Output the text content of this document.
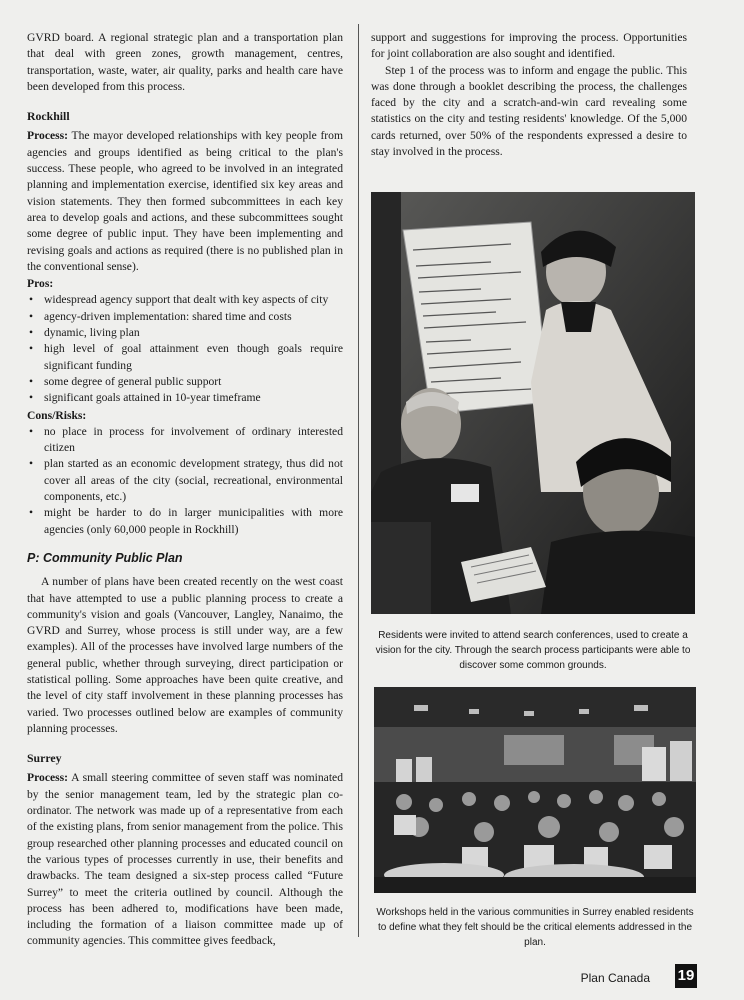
GVRD board. A regional strategic plan and a transportation plan that deal with green zones, growth management, centres, transportation, waste, water, air quality, parks and health care have been developed from this process.

Rockhill

Process: The mayor developed relationships with key people from agencies and groups identified as being critical to the plan's success. These people, who agreed to be involved in an integrated planning and implementation exercise, identified six key areas and vision statements. They then formed subcommittees in each key area to develop goals and actions, and these subcommittees sought some degree of public input. They have been implementing and revising goals and actions as required (there is no published plan in the conventional sense).

Pros:
• widespread agency support that dealt with key aspects of city
• agency-driven implementation: shared time and costs
• dynamic, living plan
• high level of goal attainment even though goals require significant funding
• some degree of general public support
• significant goals attained in 10-year timeframe
Cons/Risks:
• no place in process for involvement of ordinary interested citizen
• plan started as an economic development strategy, thus did not cover all areas of the city (social, recreational, environmental components, etc.)
• might be harder to do in larger municipalities with more agencies (only 60,000 people in Rockhill)
P: Community Public Plan

A number of plans have been created recently on the west coast that have attempted to use a public planning process to create a community's vision and goals (Vancouver, Langley, Nanaimo, the GVRD and Surrey, whose process is still under way, are a few examples). All of the processes have involved large numbers of the general public, whether through surveying, direct participation or statistical polling. Some approaches have been quite creative, and the level of city staff involvement in these planning processes has varied. Two processes outlined below are examples of community planning processes.

Surrey

Process: A small steering committee of seven staff was nominated by the senior management team, led by the strategic plan co-ordinator. The network was made up of a representative from each of the existing plans, from senior management from the police. This group researched other planning processes and educated council on the various types of processes currently in use, their benefits and drawbacks. The team designed a six-step process called “Future Surrey” to meet the criteria outlined by council. Although the process has been adhered to, modifications have been made, including the formation of a liaison committee made up of community agencies. This committee gives feedback,

support and suggestions for improving the process. Opportunities for joint collaboration are also sought and identified.

Step 1 of the process was to inform and engage the public. This was done through a booklet describing the process, the challenges faced by the city and a scratch-and-win card revealing some statistics on the city and testing residents' knowledge. Of the 5,000 cards returned, over 50% of the respondents expressed a desire to stay involved in the process.

Residents were invited to attend search conferences, used to create a vision for the city. Through the search process participants were able to discover some common grounds.
Workshops held in the various communities in Surrey enabled residents to define what they felt should be the critical elements addressed in the plan.
Plan Canada 19
